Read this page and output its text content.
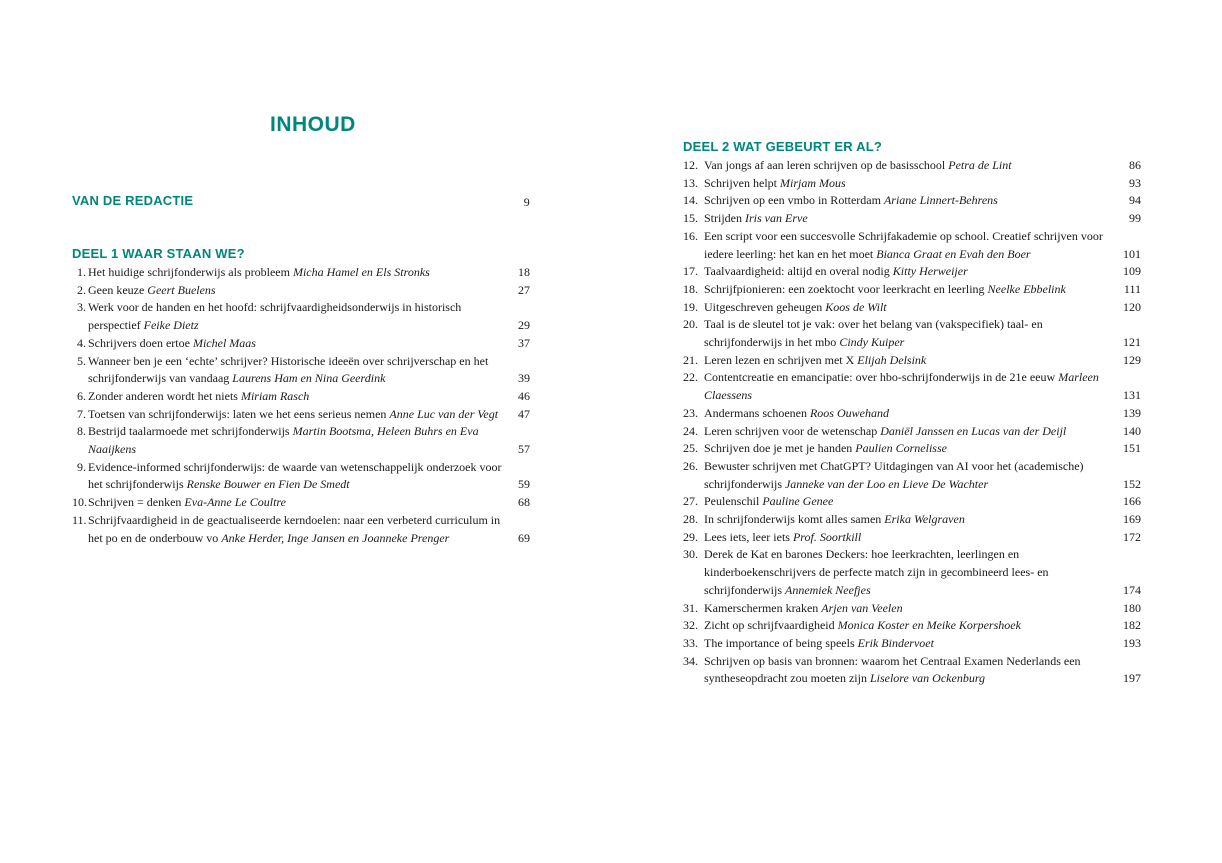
INHOUD
VAN DE REDACTIE	9
DEEL 1 WAAR STAAN WE?
1. Het huidige schrijfonderwijs als probleem Micha Hamel en Els Stronks	18
2. Geen keuze Geert Buelens	27
3. Werk voor de handen en het hoofd: schrijfvaardigheidsonderwijs in historisch perspectief Feike Dietz	29
4. Schrijvers doen ertoe Michel Maas	37
5. Wanneer ben je een ‘echte’ schrijver? Historische ideeën over schrijverschap en het schrijfonderwijs van vandaag Laurens Ham en Nina Geerdink	39
6. Zonder anderen wordt het niets Miriam Rasch	46
7. Toetsen van schrijfonderwijs: laten we het eens serieus nemen Anne Luc van der Vegt 47
8. Bestrijd taalarmoede met schrijfonderwijs Martin Bootsma, Heleen Buhrs en Eva Naaijkens	57
9. Evidence-informed schrijfonderwijs: de waarde van wetenschappelijk onderzoek voor het schrijfonderwijs Renske Bouwer en Fien De Smedt	59
10. Schrijven = denken Eva-Anne Le Coultre	68
11. Schrijfvaardigheid in de geactualiseerde kerndoelen: naar een verbeterd curriculum in het po en de onderbouw vo Anke Herder, Inge Jansen en Joanneke Prenger	69
DEEL 2 WAT GEBEURT ER AL?
12. Van jongs af aan leren schrijven op de basisschool Petra de Lint	86
13. Schrijven helpt Mirjam Mous	93
14. Schrijven op een vmbo in Rotterdam Ariane Linnert-Behrens	94
15. Strijden Iris van Erve	99
16. Een script voor een succesvolle Schrijfakademie op school. Creatief schrijven voor iedere leerling: het kan en het moet Bianca Graat en Evah den Boer	101
17. Taalvaardigheid: altijd en overal nodig Kitty Herweijer	109
18. Schrijfpionieren: een zoektocht voor leerkracht en leerling Neelke Ebbelink	111
19. Uitgeschreven geheugen Koos de Wilt	120
20. Taal is de sleutel tot je vak: over het belang van (vakspecifiek) taal- en schrijfonderwijs in het mbo Cindy Kuiper	121
21. Leren lezen en schrijven met X Elijah Delsink	129
22. Contentcreatie en emancipatie: over hbo-schrijfonderwijs in de 21e eeuw Marleen Claessens	131
23. Andermans schoenen Roos Ouwehand	139
24. Leren schrijven voor de wetenschap Daniël Janssen en Lucas van der Deijl	140
25. Schrijven doe je met je handen Paulien Cornelisse	151
26. Bewuster schrijven met ChatGPT? Uitdagingen van AI voor het (academische) schrijfonderwijs Janneke van der Loo en Lieve De Wachter	152
27. Peulenschil Pauline Genee	166
28. In schrijfonderwijs komt alles samen Erika Welgraven	169
29. Lees iets, leer iets Prof. Soortkill	172
30. Derek de Kat en barones Deckers: hoe leerkrachten, leerlingen en kinderboekenschrijvers de perfecte match zijn in gecombineerd lees- en schrijfonderwijs Annemiek Neefjes	174
31. Kamerschermen kraken Arjen van Veelen	180
32. Zicht op schrijfvaardigheid Monica Koster en Meike Korpershoek	182
33. The importance of being speels Erik Bindervoet	193
34. Schrijven op basis van bronnen: waarom het Centraal Examen Nederlands een syntheseopdracht zou moeten zijn Liselore van Ockenburg	197
